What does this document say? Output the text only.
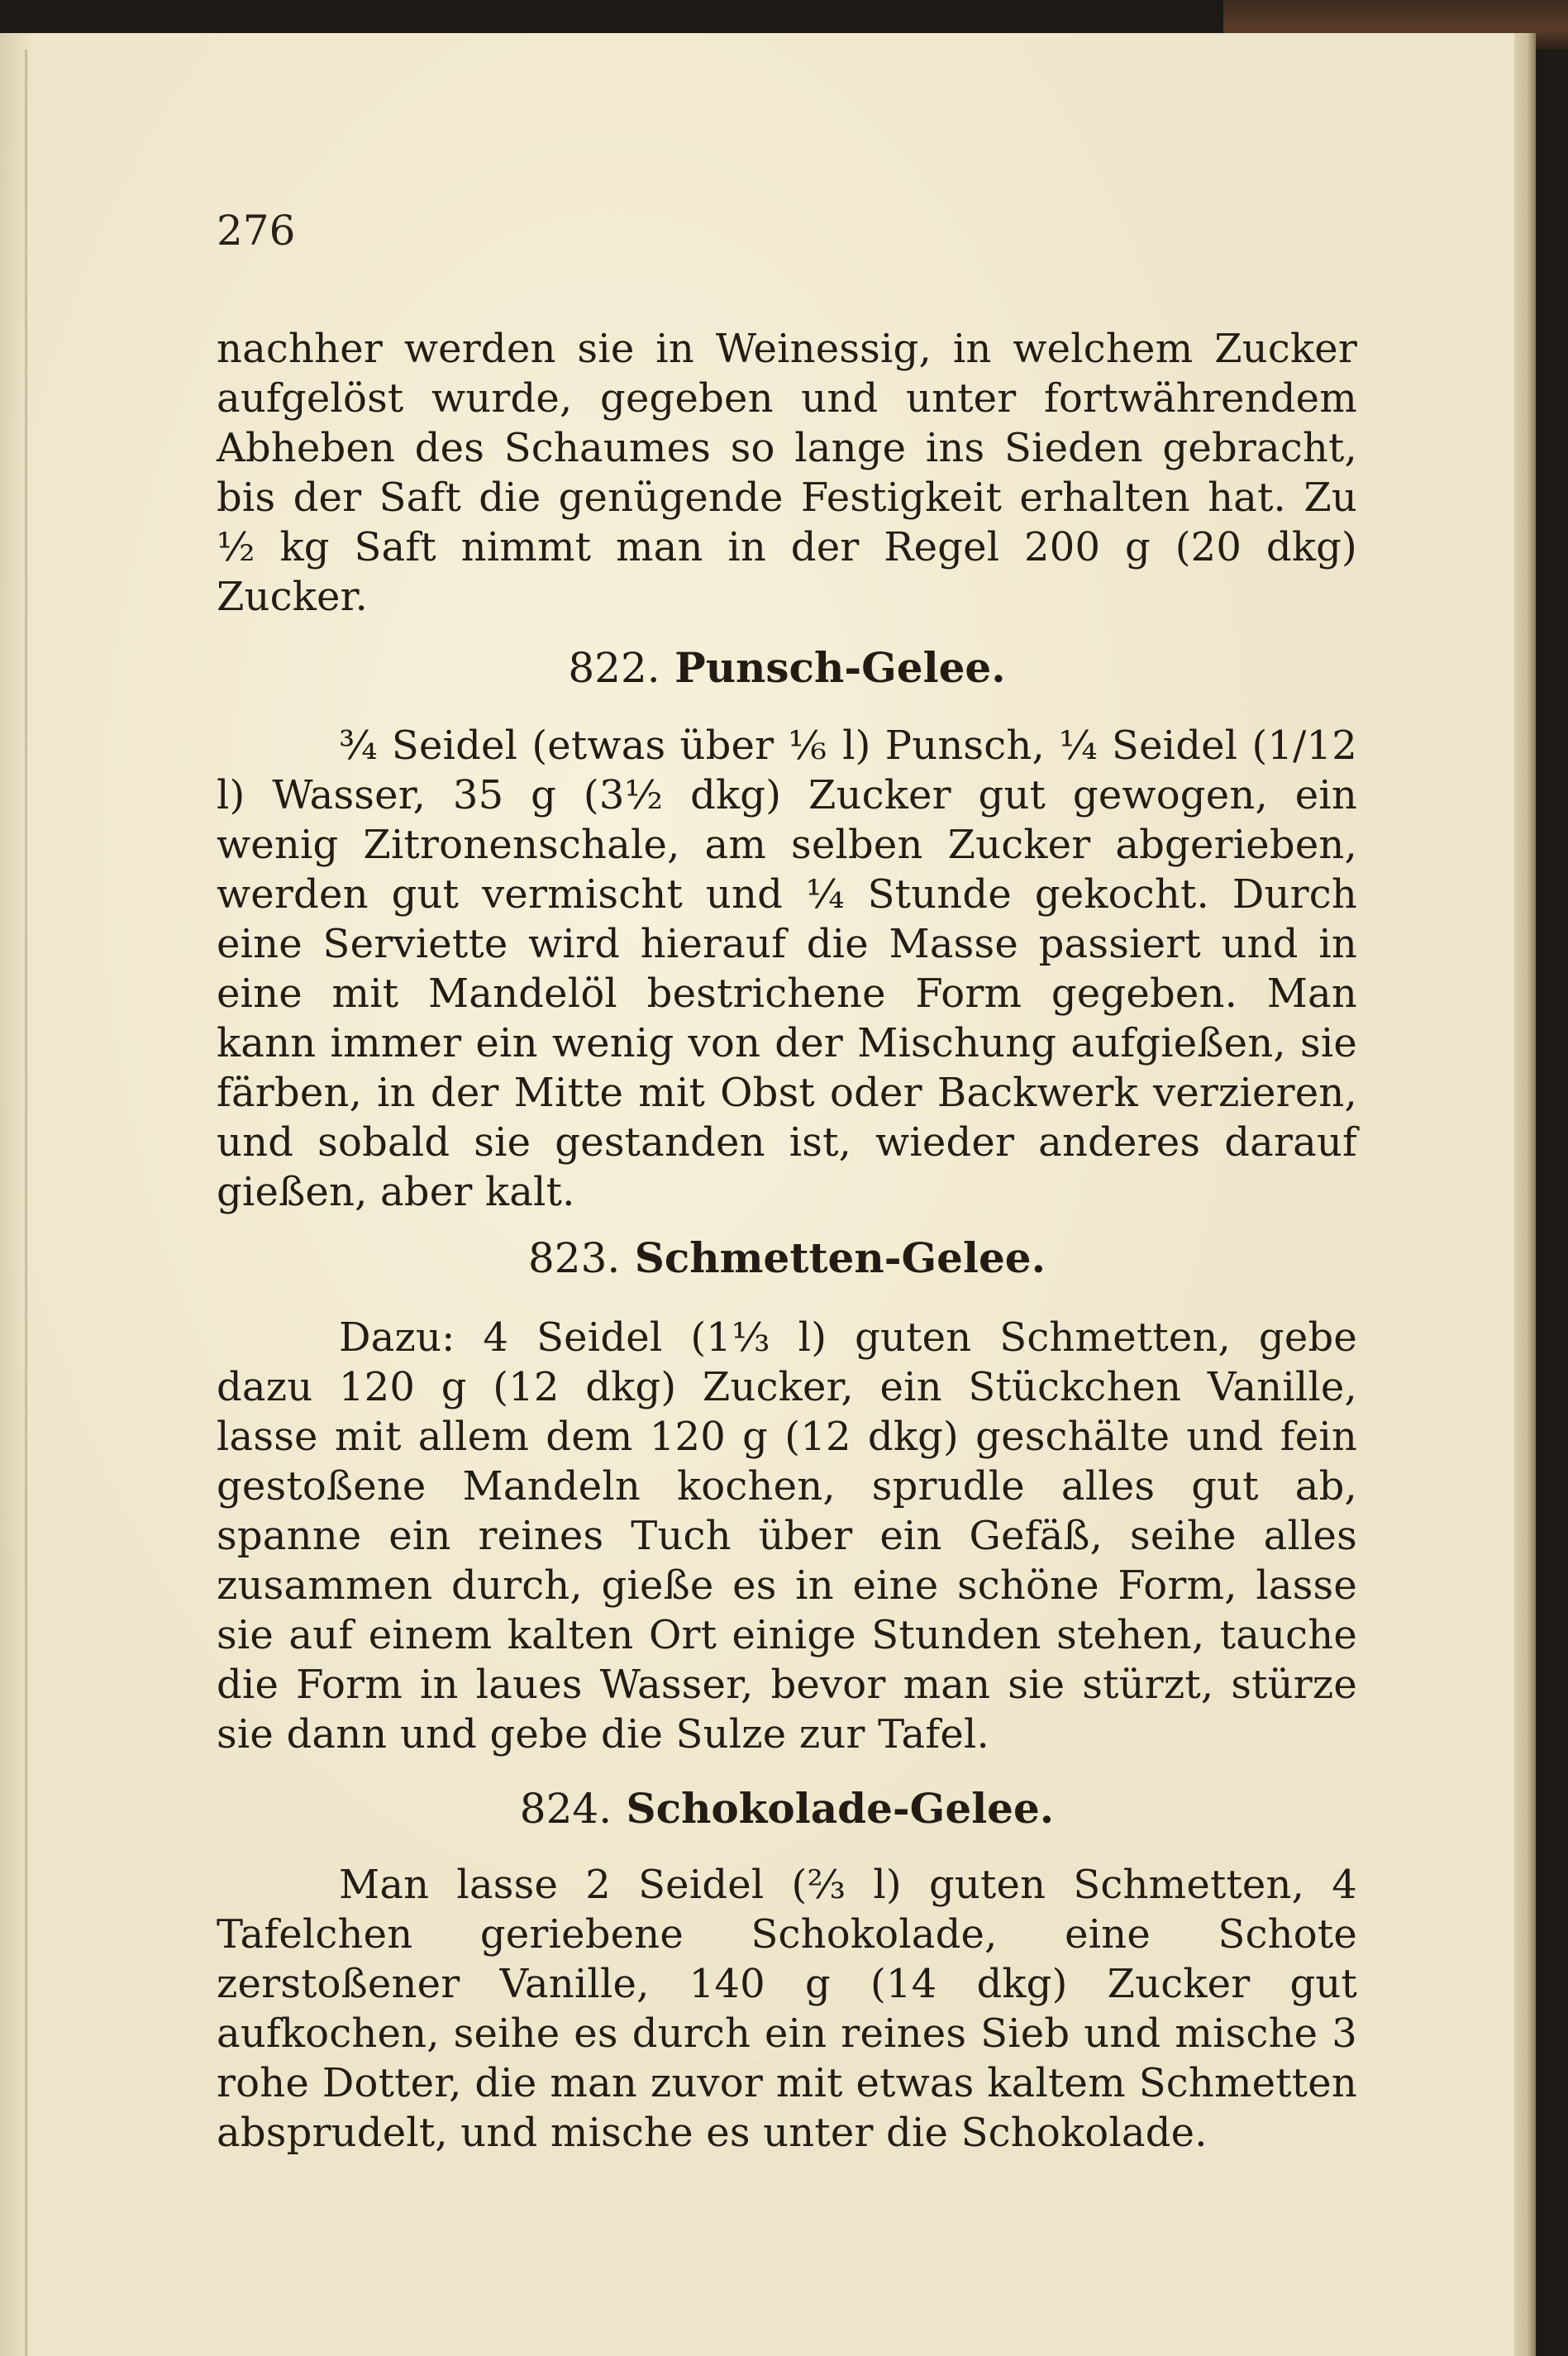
276

nachher werden sie in Weinessig, in welchem Zucker aufgelöst wurde, gegeben und unter fortwährendem Abheben des Schaumes so lange ins Sieden gebracht, bis der Saft die genügende Festigkeit erhalten hat. Zu ½ kg Saft nimmt man in der Regel 200 g (20 dkg) Zucker.

822. Punsch-Gelee.

¾ Seidel (etwas über ⅙ l) Punsch, ¼ Seidel (1/12 l) Wasser, 35 g (3½ dkg) Zucker gut gewogen, ein wenig Zitronenschale, am selben Zucker abgerieben, werden gut vermischt und ¼ Stunde gekocht. Durch eine Serviette wird hierauf die Masse passiert und in eine mit Mandelöl bestrichene Form gegeben. Man kann immer ein wenig von der Mischung aufgießen, sie färben, in der Mitte mit Obst oder Backwerk verzieren, und sobald sie gestanden ist, wieder anderes darauf gießen, aber kalt.

823. Schmetten-Gelee.

Dazu: 4 Seidel (1⅓ l) guten Schmetten, gebe dazu 120 g (12 dkg) Zucker, ein Stückchen Vanille, lasse mit allem dem 120 g (12 dkg) geschälte und fein gestoßene Mandeln kochen, sprudle alles gut ab, spanne ein reines Tuch über ein Gefäß, seihe alles zusammen durch, gieße es in eine schöne Form, lasse sie auf einem kalten Ort einige Stunden stehen, tauche die Form in laues Wasser, bevor man sie stürzt, stürze sie dann und gebe die Sulze zur Tafel.

824. Schokolade-Gelee.

Man lasse 2 Seidel (⅔ l) guten Schmetten, 4 Tafelchen geriebene Schokolade, eine Schote zerstoßener Vanille, 140 g (14 dkg) Zucker gut aufkochen, seihe es durch ein reines Sieb und mische 3 rohe Dotter, die man zuvor mit etwas kaltem Schmetten absprudelt, und mische es unter die Schokolade.
